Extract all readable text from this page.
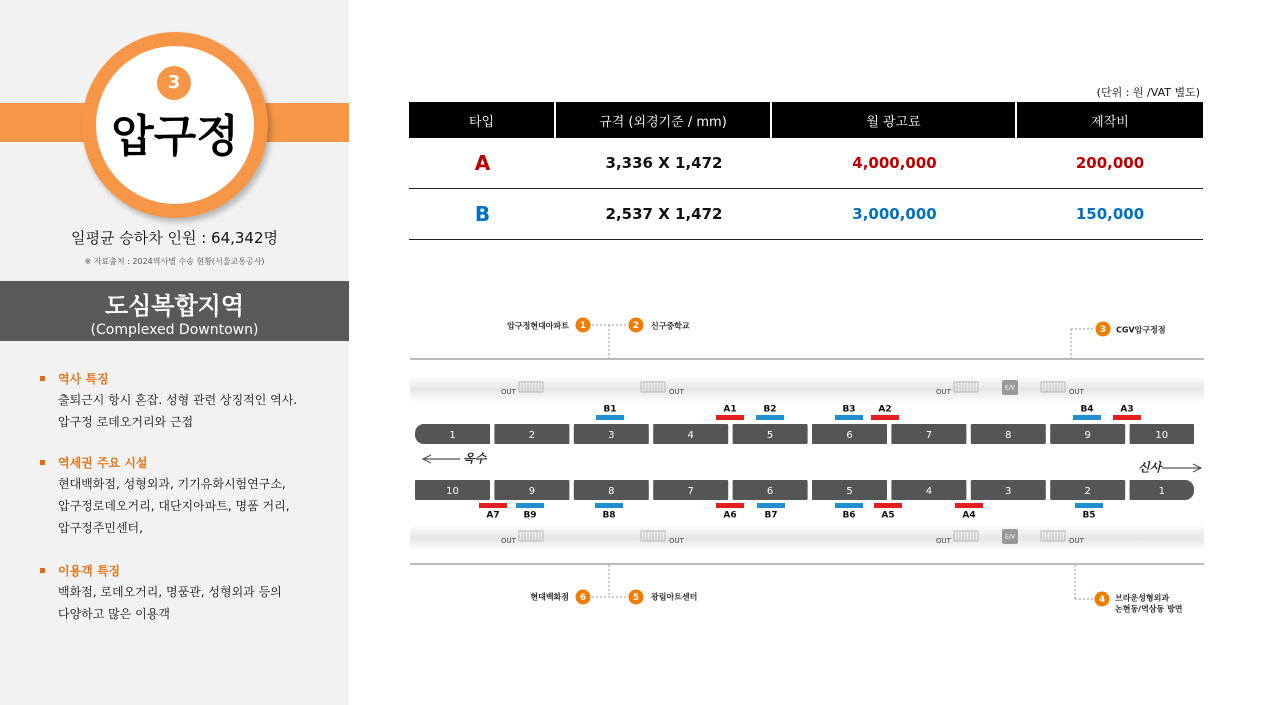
3
압구정
일평균 승하차 인원 : 64,342명
※ 자료출처 : 2024역사별 수송 현황(서울교통공사)
도심복합지역
(Complexed Downtown)
역사 특징
출퇴근시 항시 혼잡. 성형 관련 상징적인 역사.
압구정 로데오거리와 근접
역세권 주요 시설
현대백화점, 성형외과, 기기유화시험연구소,
압구정로데오거리, 대단지아파트, 명품 거리,
압구정주민센터,
이용객 특징
백화점, 로데오거리, 명품관, 성형외과 등의
다양하고 많은 이용객
(단위 : 원 /VAT 별도)
타입	규격 (외경기준 / mm)	월 광고료	제작비
A	3,336 X 1,472	4,000,000	200,000
B	2,537 X 1,472	3,000,000	150,000
압구정현대아파트 1	2 신구중학교	3 CGV압구정점
현대백화점 6	5 광림아트센터	4 브라운성형외과
논현동/역삼동 방면
OUT	OUT	OUT	OUT
OUT	OUT	OUT	OUT
E/V
E/V
1	2	3	4	5	6	7	8	9	10
10	9	8	7	6	5	4	3	2	1
B1	A1	B2	B3	A2	B4	A3
A7	B9	B8	A6	B7	B6	A5	A4	B5
옥수
신사
